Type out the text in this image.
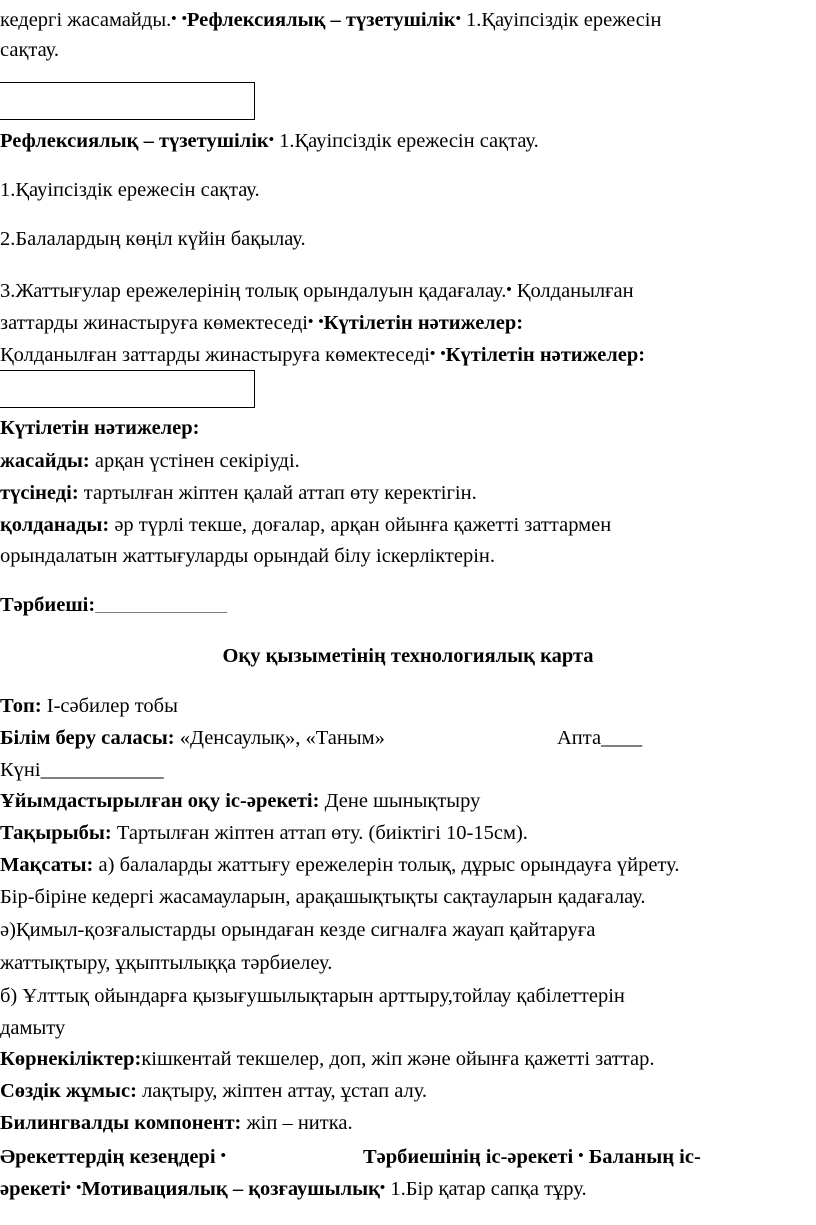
кедергі жасамайды.• •Рефлексиялық – түзетушілік• 1.Қауіпсіздік ережесін
сақтау.
Рефлексиялық – түзетушілік• 1.Қауіпсіздік ережесін сақтау.
1.Қауіпсіздік ережесін сақтау.
2.Балалардың көңіл күйін бақылау.
3.Жаттығулар ережелерінің толық орындалуын қадағалау.• Қолданылған
заттарды жинастыруға көмектеседі• •Күтілетін нәтижелер:
Қолданылған заттарды жинастыруға көмектеседі• •Күтілетін нәтижелер:
Күтілетін нәтижелер:
жасайды: арқан үстінен секіріуді.
түсінеді: тартылған жіптен қалай аттап өту керектігін.
қолданады: әр түрлі текше, доғалар, арқан ойынға қажетті заттармен
орындалатын жаттығуларды орындай білу іскерліктерін.
Тәрбиеші:________________________
Оқу қызыметінің технологиялық карта
Топ: І-сәбилер тобы
Білім беру саласы: «Денсаулық», «Таным»	Апта____
Күні____________
Ұйымдастырылған оқу іс-әрекеті: Дене шынықтыру
Тақырыбы: Тартылған жіптен аттап өту. (биіктігі 10-15см).
Мақсаты: а) балаларды жаттығу ережелерін толық, дұрыс орындауға үйрету.
Бір-біріне кедергі жасамауларын, арақашықтықты сақтауларын қадағалау.
ә)Қимыл-қозғалыстарды орындаған кезде сигналға жауап қайтаруға
жаттықтыру, ұқыптылыққа тәрбиелеу.
б) Ұлттық ойындарға қызығушылықтарын арттыру,тойлау қабілеттерін
дамыту
Көрнекіліктер:кішкентай текшелер, доп, жіп және ойынға қажетті заттар.
Сөздік жұмыс: лақтыру, жіптен аттау, ұстап алу.
Билингвалды компонент: жіп – нитка.
Әрекеттердің кезеңдері •	Тәрбиешінің іс-әрекеті • Баланың іс-
әрекеті• •Мотивациялық – қозғаушылық• 1.Бір қатар сапқа тұру.
